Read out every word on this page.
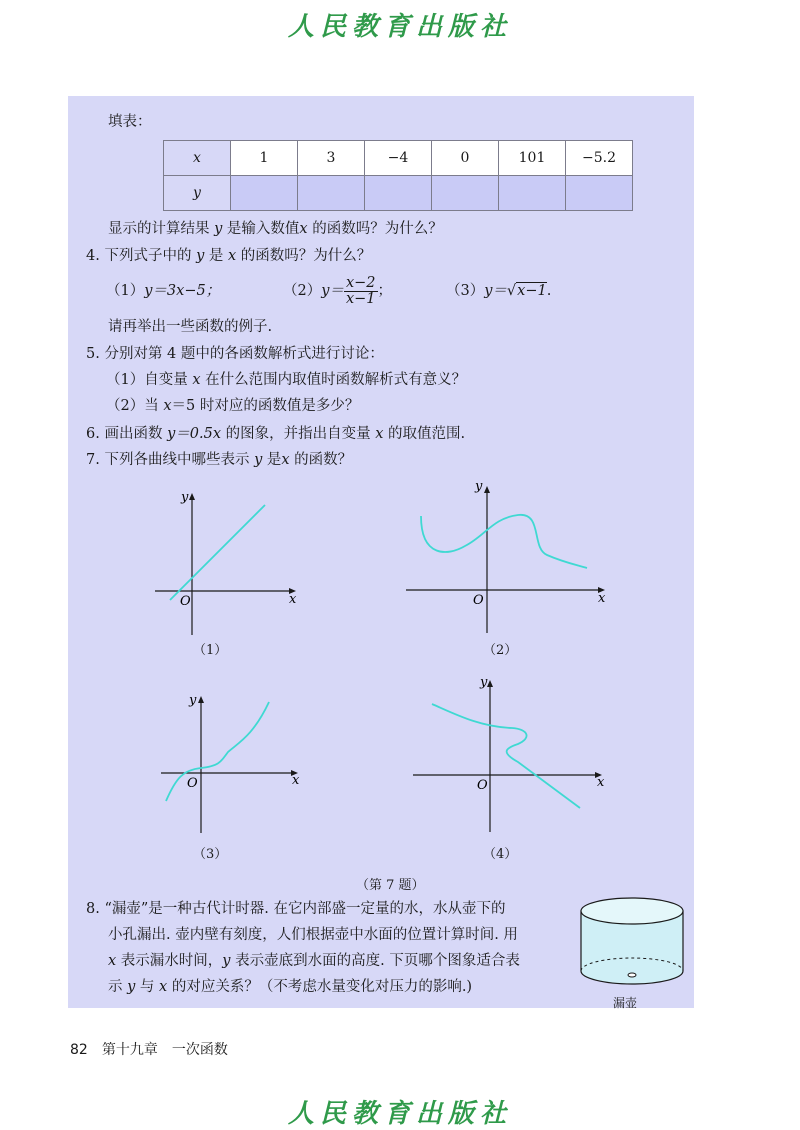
人民教育出版社
填表：
x	1	3	−4	0	101	−5.2
y						
显示的计算结果 y 是输入数值x 的函数吗？为什么？
4. 下列式子中的 y 是 x 的函数吗？为什么？
（1）y＝3x−5；	$(2)y= \frac{x-2}{x-1}$ ；	（3）y＝√x−1.
请再举出一些函数的例子.
5. 分别对第 4 题中的各函数解析式进行讨论：
（1）自变量 x 在什么范围内取值时函数解析式有意义？
（2）当 x＝5 时对应的函数值是多少？
6. 画出函数 y＝0.5x 的图象，并指出自变量 x 的取值范围.
7. 下列各曲线中哪些表示 y 是x 的函数？
x
y
O
（1）
x
y
O
（2）
x
y
O
（3）
x
y
O
（4）
（第 7 题）
8. “漏壶”是一种古代计时器. 在它内部盛一定量的水，水从壶下的
小孔漏出. 壶内壁有刻度，人们根据壶中水面的位置计算时间. 用
x 表示漏水时间，y 表示壶底到水面的高度. 下页哪个图象适合表
示 y 与 x 的对应关系？（不考虑水量变化对压力的影响.)
漏壶
82　 第十九章　一次函数
人民教育出版社
